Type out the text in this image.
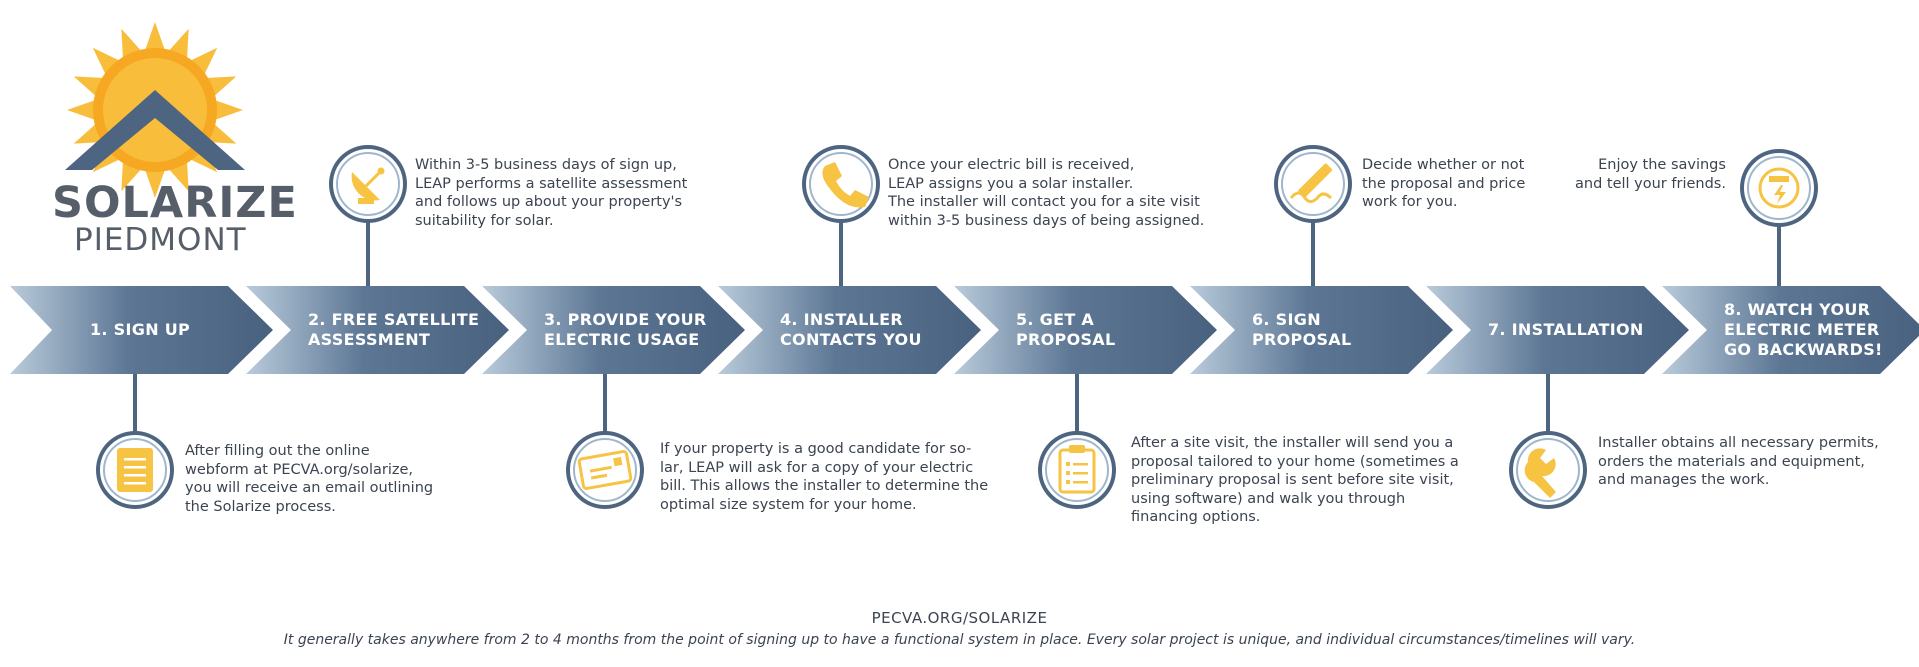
SOLARIZE
PIEDMONT
1. SIGN UP
2. FREE SATELLITE
ASSESSMENT
3. PROVIDE YOUR
ELECTRIC USAGE
4. INSTALLER
CONTACTS YOU
5. GET A
PROPOSAL
6. SIGN
PROPOSAL
7. INSTALLATION
8. WATCH YOUR
ELECTRIC METER
GO BACKWARDS!
After filling out the online
webform at PECVA.org/solarize,
you will receive an email outlining
the Solarize process.
Within 3-5 business days of sign up,
LEAP performs a satellite assessment
and follows up about your property's
suitability for solar.
If your property is a good candidate for so-
lar, LEAP will ask for a copy of your electric
bill. This allows the installer to determine the
optimal size system for your home.
Once your electric bill is received,
LEAP assigns you a solar installer.
The installer will contact you for a site visit
within 3-5 business days of being assigned.
After a site visit, the installer will send you a
proposal tailored to your home (sometimes a
preliminary proposal is sent before site visit,
using software) and walk you through
financing options.
Decide whether or not
the proposal and price
work for you.
Installer obtains all necessary permits,
orders the materials and equipment,
and manages the work.
Enjoy the savings
and tell your friends.
PECVA.ORG/SOLARIZE
It generally takes anywhere from 2 to 4 months from the point of signing up to have a functional system in place. Every solar project is unique, and individual circumstances/timelines will vary.
